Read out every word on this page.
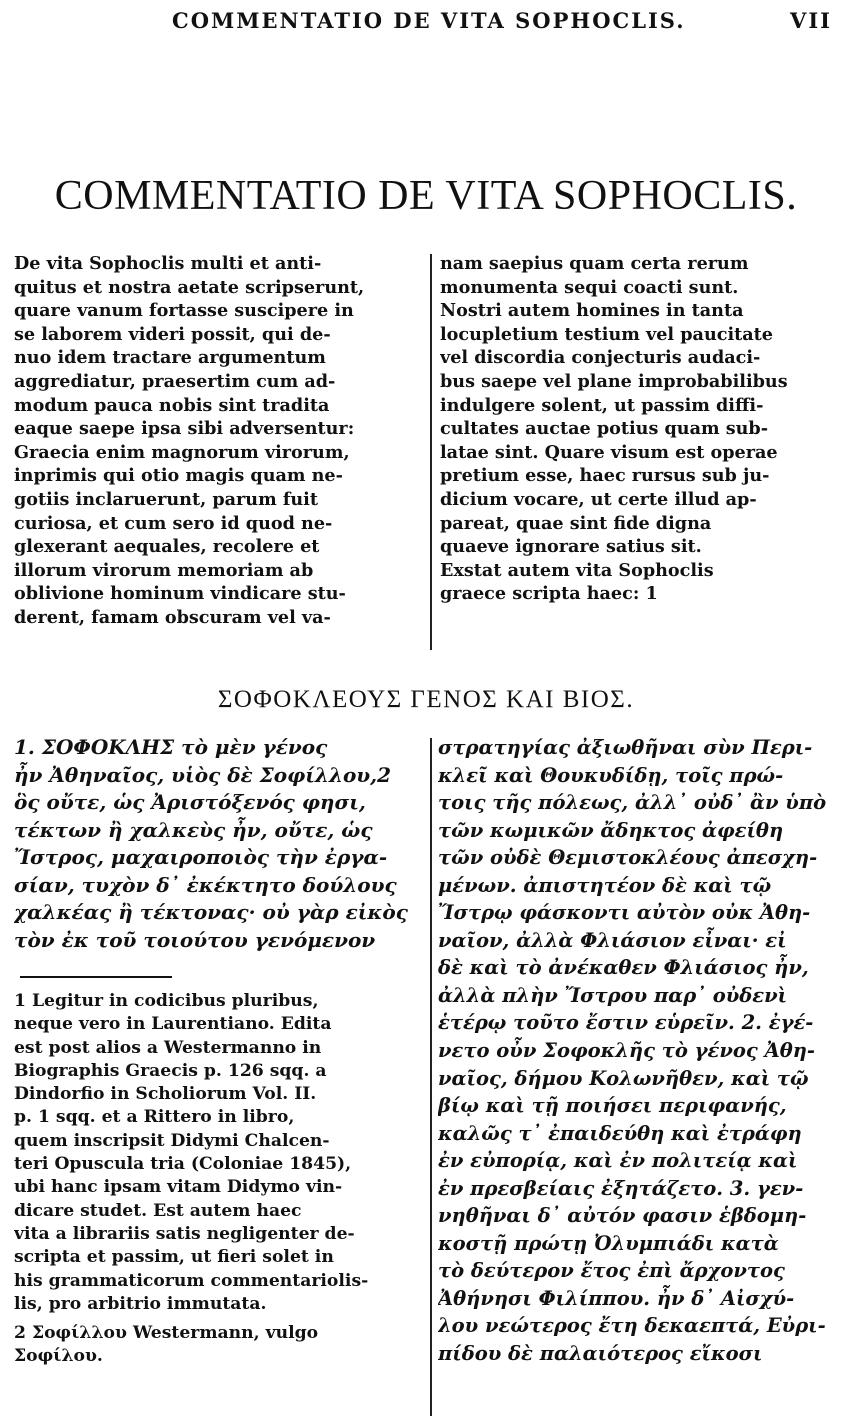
COMMENTATIO DE VITA SOPHOCLIS.	VII
COMMENTATIO DE VITA SOPHOCLIS.
De vita Sophoclis multi et anti-
quitus et nostra aetate scripserunt,
quare vanum fortasse suscipere in
se laborem videri possit, qui de-
nuo idem tractare argumentum
aggrediatur, praesertim cum ad-
modum pauca nobis sint tradita
eaque saepe ipsa sibi adversentur:
Graecia enim magnorum virorum,
inprimis qui otio magis quam ne-
gotiis inclaruerunt, parum fuit
curiosa, et cum sero id quod ne-
glexerant aequales, recolere et
illorum virorum memoriam ab
oblivione hominum vindicare stu-
derent, famam obscuram vel va-
nam saepius quam certa rerum
monumenta sequi coacti sunt.
Nostri autem homines in tanta
locupletium testium vel paucitate
vel discordia conjecturis audaci-
bus saepe vel plane improbabilibus
indulgere solent, ut passim diffi-
cultates auctae potius quam sub-
latae sint. Quare visum est operae
pretium esse, haec rursus sub ju-
dicium vocare, ut certe illud ap-
pareat, quae sint fide digna
quaeve ignorare satius sit.
Exstat autem vita Sophoclis
graece scripta haec: 1
ΣΟΦΟΚΛΕΟΥΣ ΓΕΝΟΣ ΚΑΙ ΒΙΟΣ.
1. ΣΟΦΟΚΛΗΣ τὸ μὲν γένος
ἦν Ἀθηναῖος, υἱὸς δὲ Σοφίλλου,2
ὃς οὔτε, ὡς Ἀριστόξενός φησι,
τέκτων ἢ χαλκεὺς ἦν, οὔτε, ὡς
Ἴστρος, μαχαιροποιὸς τὴν ἐργα-
σίαν, τυχὸν δ᾽ ἐκέκτητο δούλους
χαλκέας ἢ τέκτονας· οὐ γὰρ εἰκὸς
τὸν ἐκ τοῦ τοιούτου γενόμενον
στρατηγίας ἀξιωθῆναι σὺν Περι-
κλεῖ καὶ Θουκυδίδῃ, τοῖς πρώ-
τοις τῆς πόλεως, ἀλλ᾽ οὐδ᾽ ἂν ὑπὸ
τῶν κωμικῶν ἄδηκτος ἀφείθη
τῶν οὐδὲ Θεμιστοκλέους ἀπεσχη-
μένων. ἀπιστητέον δὲ καὶ τῷ
Ἴστρῳ φάσκοντι αὐτὸν οὐκ Ἀθη-
ναῖον, ἀλλὰ Φλιάσιον εἶναι· εἰ
δὲ καὶ τὸ ἀνέκαθεν Φλιάσιος ἦν,
ἀλλὰ πλὴν Ἴστρου παρ᾽ οὐδενὶ
ἑτέρῳ τοῦτο ἔστιν εὑρεῖν. 2. ἐγέ-
νετο οὖν Σοφοκλῆς τὸ γένος Ἀθη-
ναῖος, δήμου Κολωνῆθεν, καὶ τῷ
βίῳ καὶ τῇ ποιήσει περιφανής,
καλῶς τ᾽ ἐπαιδεύθη καὶ ἐτράφη
ἐν εὐπορίᾳ, καὶ ἐν πολιτείᾳ καὶ
ἐν πρεσβείαις ἐξητάζετο. 3. γεν-
νηθῆναι δ᾽ αὐτόν φασιν ἑβδομη-
κοστῇ πρώτῃ Ὀλυμπιάδι κατὰ
τὸ δεύτερον ἔτος ἐπὶ ἄρχοντος
Ἀθήνησι Φιλίππου. ἦν δ᾽ Αἰσχύ-
λου νεώτερος ἔτη δεκαεπτά, Εὐρι-
πίδου δὲ παλαιότερος εἴκοσι
1 Legitur in codicibus pluribus,
neque vero in Laurentiano. Edita
est post alios a Westermanno in
Biographis Graecis p. 126 sqq. a
Dindorfio in Scholiorum Vol. II.
p. 1 sqq. et a Rittero in libro,
quem inscripsit Didymi Chalcen-
teri Opuscula tria (Coloniae 1845),
ubi hanc ipsam vitam Didymo vin-
dicare studet. Est autem haec
vita a librariis satis negligenter de-
scripta et passim, ut fieri solet in
his grammaticorum commentariolis-
lis, pro arbitrio immutata.
2 Σοφίλλου Westermann, vulgo
Σοφίλου.
